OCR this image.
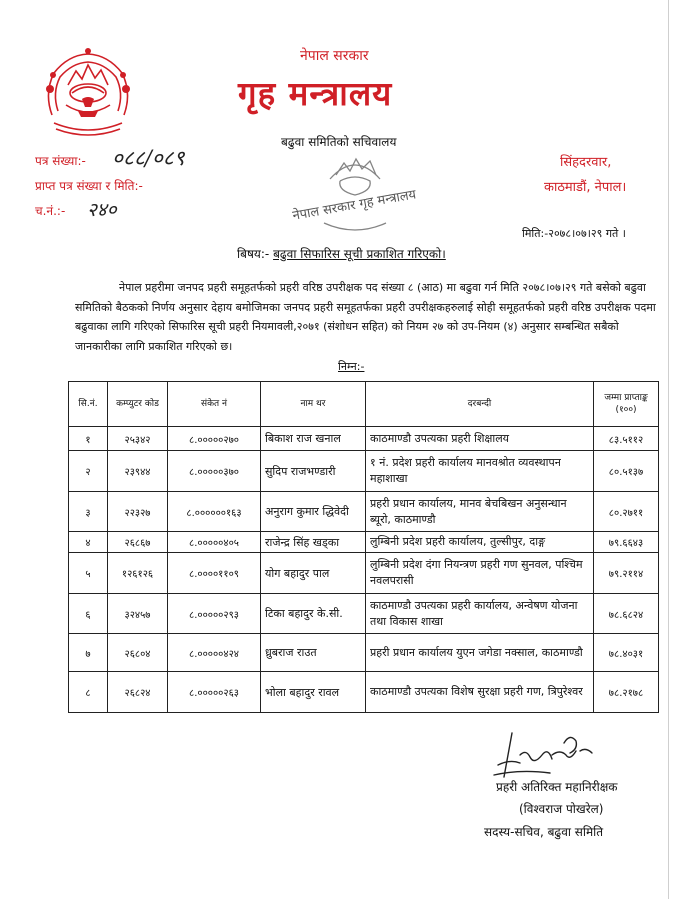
नेपाल सरकार
गृह मन्त्रालय
बढुवा समितिको सचिवालय
नेपाल सरकार गृह मन्त्रालय
पत्र संख्या:- ०८८/०८९
प्राप्त पत्र संख्या र मिति:-
च.नं.:- २४०
सिंहदरवार,
काठमाडौं, नेपाल।
मिति:-२०७८।०७।२९ गते ।
बिषय:- बढुवा सिफारिस सूची प्रकाशित गरिएको।
नेपाल प्रहरीमा जनपद प्रहरी समूहतर्फको प्रहरी वरिष्ठ उपरीक्षक पद संख्या ८ (आठ) मा बढुवा गर्न मिति २०७८।०७।२९ गते बसेको बढुवा समितिको बैठकको निर्णय अनुसार देहाय बमोजिमका जनपद प्रहरी समूहतर्फका प्रहरी उपरीक्षकहरुलाई सोही समूहतर्फको प्रहरी वरिष्ठ उपरीक्षक पदमा बढुवाका लागि गरिएको सिफारिस सूची प्रहरी नियमावली,२०७१ (संशोधन सहित) को नियम २७ को उप-नियम (४) अनुसार सम्बन्धित सबैको जानकारीका लागि प्रकाशित गरिएको छ।
निम्न:-
सि.नं.	कम्प्युटर कोड	संकेत नं	नाम थर	दरबन्दी	जम्मा प्राप्ताङ्क (१००)
१	२५३४२	८.०००००२७०	बिकाश राज खनाल	काठमाण्डौ उपत्यका प्रहरी शिक्षालय	८३.५११२
२	२३९४४	८.०००००३७०	सुदिप राजभण्डारी	१ नं. प्रदेश प्रहरी कार्यालय मानवश्रोत व्यवस्थापन महाशाखा	८०.५१३७
३	२२३२७	८.००००००१६३	अनुराग कुमार द्धिवेदी	प्रहरी प्रधान कार्यालय, मानव बेचबिखन अनुसन्धान ब्यूरो, काठमाण्डौ	८०.२७११
४	२६८६७	८.०००००४०५	राजेन्द्र सिंह खड्का	लुम्बिनी प्रदेश प्रहरी कार्यालय, तुल्सीपुर, दाङ्ग	७९.६६४३
५	१२६१२६	८.००००११०९	योग बहादुर पाल	लुम्बिनी प्रदेश दंगा नियन्त्रण प्रहरी गण सुनवल, पश्चिम नवलपरासी	७९.२११४
६	३२४५७	८.०००००२९३	टिका बहादुर के.सी.	काठमाण्डौ उपत्यका प्रहरी कार्यालय, अन्वेषण योजना तथा विकास शाखा	७८.६८२४
७	२६८०४	८.०००००४२४	ध्रुबराज राउत	प्रहरी प्रधान कार्यालय युएन जगेडा नक्साल, काठमाण्डौ	७८.४०३१
८	२६८२४	८.०००००२६३	भोला बहादुर रावल	काठमाण्डौ उपत्यका विशेष सुरक्षा प्रहरी गण, त्रिपुरेश्वर	७८.२१७८
प्रहरी अतिरिक्त महानिरीक्षक
(विश्वराज पोखरेल)
सदस्य-सचिव, बढुवा समिति
